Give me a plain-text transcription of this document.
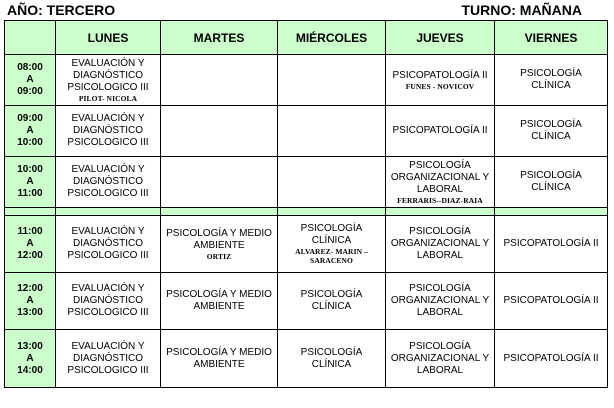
AÑO: TERCERO	TURNO: MAÑANA
	LUNES	MARTES	MIÉRCOLES	JUEVES	VIERNES

08:00
A
09:00	EVALUACIÓN Y
DIAGNÓSTICO
PSICOLOGICO III
PILOT- NICOLA			PSICOPATOLOGÍA II
FUNES - NOVICOV	PSICOLOGÍA
CLÍNICA

09:00
A
10:00	EVALUACIÓN Y
DIAGNÓSTICO
PSICOLOGICO III			PSICOPATOLOGÍA II	PSICOLOGÍA
CLÍNICA

10:00
A
11:00	EVALUACIÓN Y
DIAGNÓSTICO
PSICOLOGICO III			PSICOLOGÍA
ORGANIZACIONAL Y
LABORAL
FERRARIS--DIAZ-RAIA	PSICOLOGÍA
CLÍNICA

11:00
A
12:00	EVALUACIÓN Y
DIAGNÓSTICO
PSICOLOGICO III	PSICOLOGÍA Y MEDIO
AMBIENTE
ORTIZ	PSICOLOGÍA
CLÍNICA
ALVAREZ- MARIN –
SARACENO	PSICOLOGÍA
ORGANIZACIONAL Y
LABORAL	PSICOPATOLOGÍA II

12:00
A
13:00	EVALUACIÓN Y
DIAGNÓSTICO
PSICOLOGICO III	PSICOLOGÍA Y MEDIO
AMBIENTE	PSICOLOGÍA
CLÍNICA	PSICOLOGÍA
ORGANIZACIONAL Y
LABORAL	PSICOPATOLOGÍA II

13:00
A
14:00	EVALUACIÓN Y
DIAGNÓSTICO
PSICOLOGICO III	PSICOLOGÍA Y MEDIO
AMBIENTE	PSICOLOGÍA
CLÍNICA	PSICOLOGÍA
ORGANIZACIONAL Y
LABORAL	PSICOPATOLOGÍA II
